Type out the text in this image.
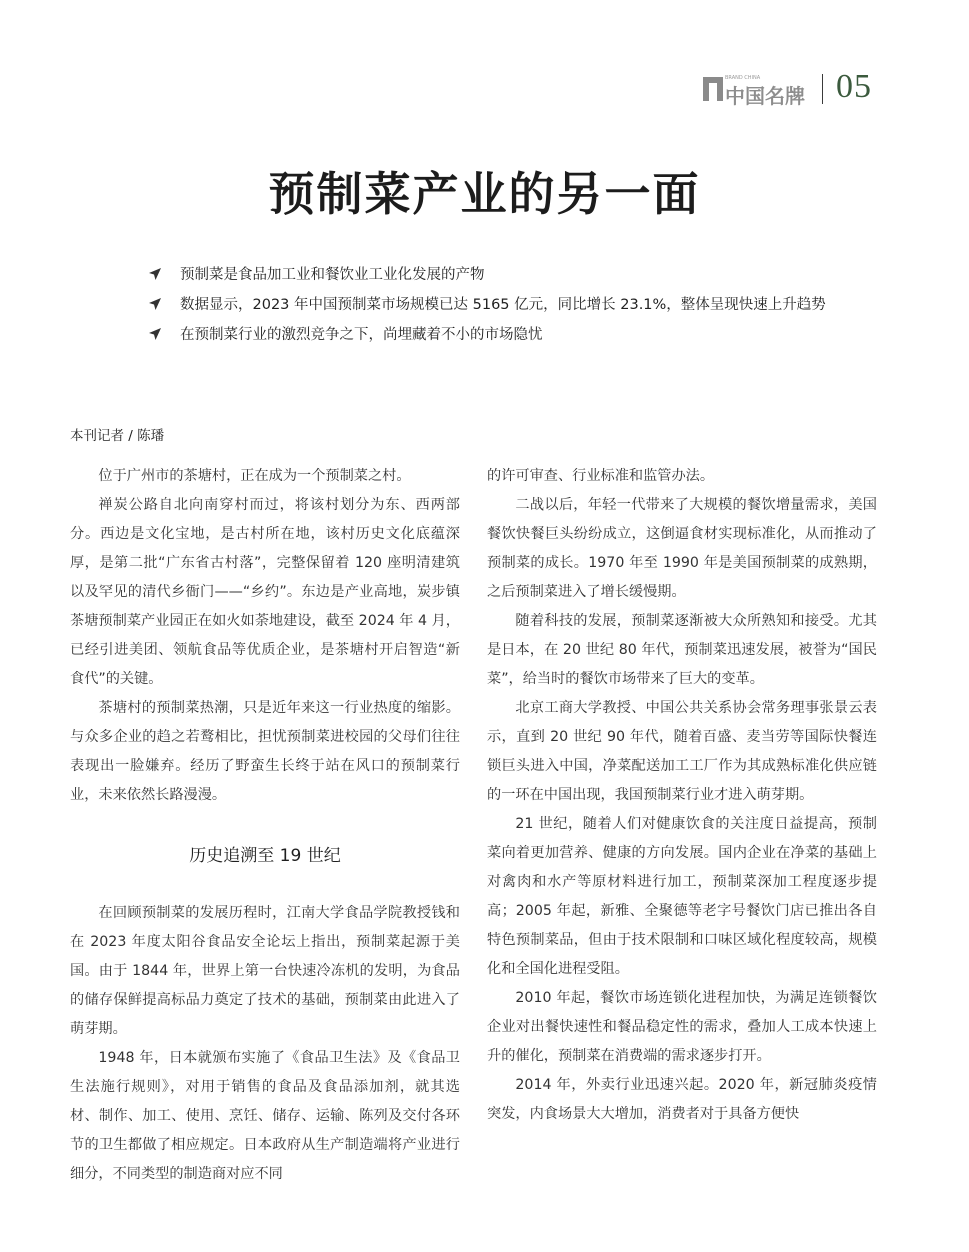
BRAND CHINA
中国名牌 05
预制菜产业的另一面
预制菜是食品加工业和餐饮业工业化发展的产物
数据显示，2023 年中国预制菜市场规模已达 5165 亿元，同比增长 23.1%，整体呈现快速上升趋势
在预制菜行业的激烈竞争之下，尚埋藏着不小的市场隐忧
本刊记者 / 陈璠

位于广州市的茶塘村，正在成为一个预制菜之村。

禅炭公路自北向南穿村而过，将该村划分为东、西两部分。西边是文化宝地，是古村所在地，该村历史文化底蕴深厚，是第二批“广东省古村落”，完整保留着 120 座明清建筑以及罕见的清代乡衙门——“乡约”。东边是产业高地，炭步镇茶塘预制菜产业园正在如火如荼地建设，截至 2024 年 4 月，已经引进美团、领航食品等优质企业，是茶塘村开启智造“新食代”的关键。

茶塘村的预制菜热潮，只是近年来这一行业热度的缩影。与众多企业的趋之若鹜相比，担忧预制菜进校园的父母们往往表现出一脸嫌弃。经历了野蛮生长终于站在风口的预制菜行业，未来依然长路漫漫。

历史追溯至 19 世纪

在回顾预制菜的发展历程时，江南大学食品学院教授钱和在 2023 年度太阳谷食品安全论坛上指出，预制菜起源于美国。由于 1844 年，世界上第一台快速冷冻机的发明，为食品的储存保鲜提高标品力奠定了技术的基础，预制菜由此进入了萌芽期。

1948 年，日本就颁布实施了《食品卫生法》及《食品卫生法施行规则》，对用于销售的食品及食品添加剂，就其选材、制作、加工、使用、烹饪、储存、运输、陈列及交付各环节的卫生都做了相应规定。日本政府从生产制造端将产业进行细分，不同类型的制造商对应不同

的许可审查、行业标准和监管办法。

二战以后，年轻一代带来了大规模的餐饮增量需求，美国餐饮快餐巨头纷纷成立，这倒逼食材实现标准化，从而推动了预制菜的成长。1970 年至 1990 年是美国预制菜的成熟期，之后预制菜进入了增长缓慢期。

随着科技的发展，预制菜逐渐被大众所熟知和接受。尤其是日本，在 20 世纪 80 年代，预制菜迅速发展，被誉为“国民菜”，给当时的餐饮市场带来了巨大的变革。

北京工商大学教授、中国公共关系协会常务理事张景云表示，直到 20 世纪 90 年代，随着百盛、麦当劳等国际快餐连锁巨头进入中国，净菜配送加工工厂作为其成熟标准化供应链的一环在中国出现，我国预制菜行业才进入萌芽期。

21 世纪，随着人们对健康饮食的关注度日益提高，预制菜向着更加营养、健康的方向发展。国内企业在净菜的基础上对禽肉和水产等原材料进行加工，预制菜深加工程度逐步提高；2005 年起，新雅、全聚德等老字号餐饮门店已推出各自特色预制菜品，但由于技术限制和口味区域化程度较高，规模化和全国化进程受阻。

2010 年起，餐饮市场连锁化进程加快，为满足连锁餐饮企业对出餐快速性和餐品稳定性的需求，叠加人工成本快速上升的催化，预制菜在消费端的需求逐步打开。

2014 年，外卖行业迅速兴起。2020 年，新冠肺炎疫情突发，内食场景大大增加，消费者对于具备方便快
